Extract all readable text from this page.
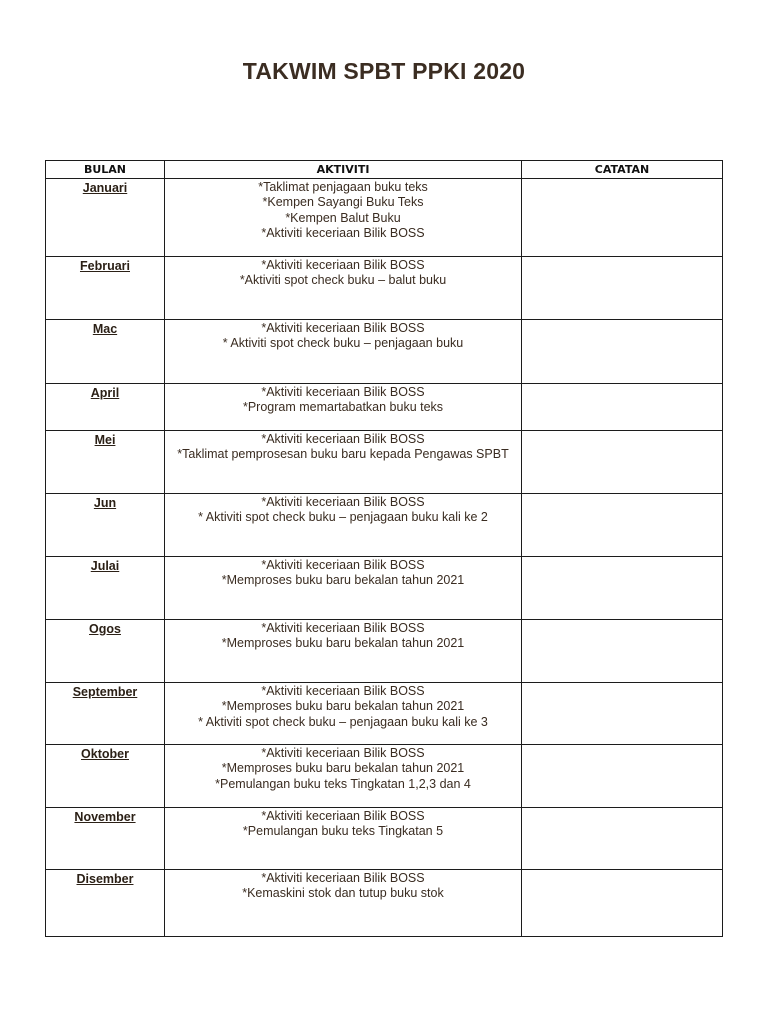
TAKWIM SPBT PPKI 2020
BULAN	AKTIVITI	CATATAN
Januari	*Taklimat penjagaan buku teks
*Kempen Sayangi Buku Teks
*Kempen Balut Buku
*Aktiviti keceriaan Bilik BOSS	

Februari	*Aktiviti keceriaan Bilik BOSS
*Aktiviti spot check buku – balut buku	

Mac	*Aktiviti keceriaan Bilik BOSS
* Aktiviti spot check buku – penjagaan buku	

April	*Aktiviti keceriaan Bilik BOSS
*Program memartabatkan buku teks	

Mei	*Aktiviti keceriaan Bilik BOSS
*Taklimat pemprosesan buku baru kepada Pengawas SPBT	

Jun	*Aktiviti keceriaan Bilik BOSS
* Aktiviti spot check buku – penjagaan buku kali ke 2	

Julai	*Aktiviti keceriaan Bilik BOSS
*Memproses buku baru bekalan tahun 2021	

Ogos	*Aktiviti keceriaan Bilik BOSS
*Memproses buku baru bekalan tahun 2021	

September	*Aktiviti keceriaan Bilik BOSS
*Memproses buku baru bekalan tahun 2021
* Aktiviti spot check buku – penjagaan buku kali ke 3	

Oktober	*Aktiviti keceriaan Bilik BOSS
*Memproses buku baru bekalan tahun 2021
*Pemulangan buku teks Tingkatan 1,2,3 dan 4	

November	*Aktiviti keceriaan Bilik BOSS
*Pemulangan buku teks Tingkatan 5	

Disember	*Aktiviti keceriaan Bilik BOSS
*Kemaskini stok dan tutup buku stok	
